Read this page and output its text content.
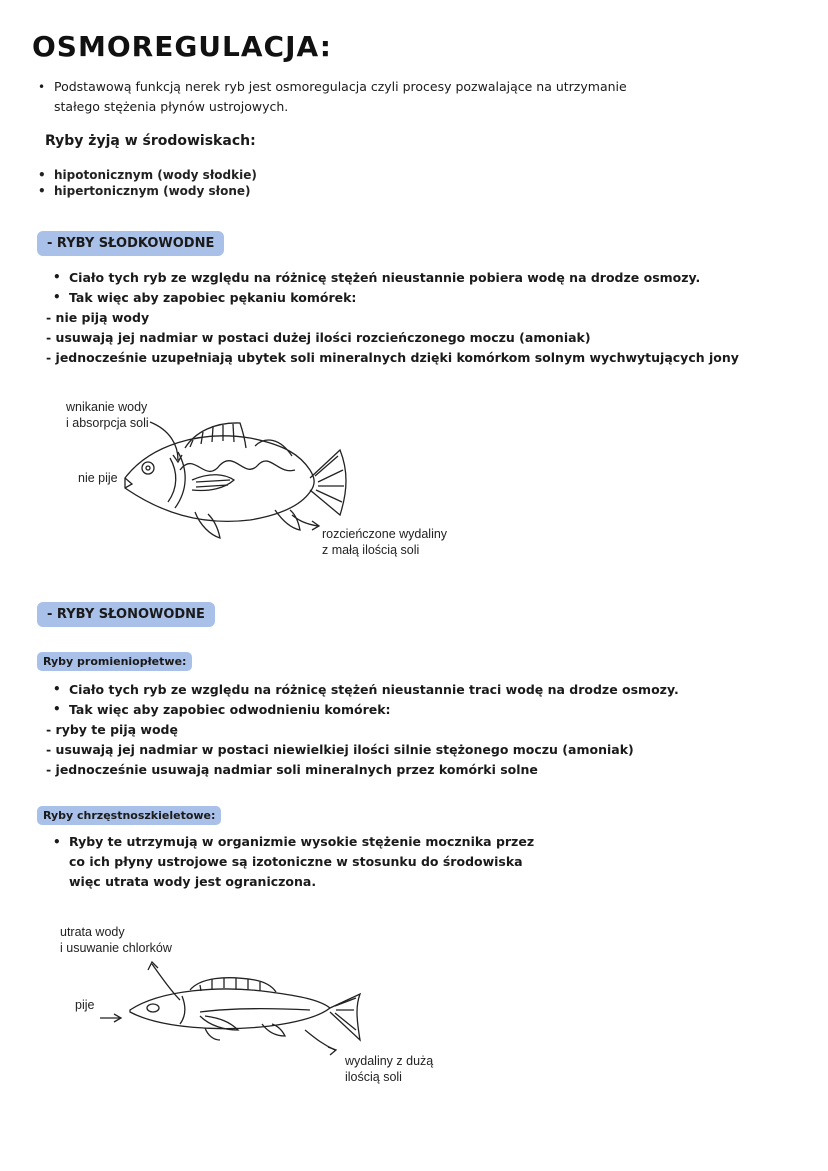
OSMOREGULACJA:
• Podstawową funkcją nerek ryb jest osmoregulacja czyli procesy pozwalające na utrzymanie
stałego stężenia płynów ustrojowych.
Ryby żyją w środowiskach:
• hipotonicznym (wody słodkie)
• hipertonicznym (wody słone)
- RYBY SŁODKOWODNE
• Ciało tych ryb ze względu na różnicę stężeń nieustannie pobiera wodę na drodze osmozy.
• Tak więc aby zapobiec pękaniu komórek:
- nie piją wody
- usuwają jej nadmiar w postaci dużej ilości rozcieńczonego moczu (amoniak)
- jednocześnie uzupełniają ubytek soli mineralnych dzięki komórkom solnym wychwytujących jony
wnikanie wody
i absorpcja soli
nie pije
rozcieńczone wydaliny
z małą ilością soli
- RYBY SŁONOWODNE
Ryby promieniopłetwe:
• Ciało tych ryb ze względu na różnicę stężeń nieustannie traci wodę na drodze osmozy.
• Tak więc aby zapobiec odwodnieniu komórek:
- ryby te piją wodę
- usuwają jej nadmiar w postaci niewielkiej ilości silnie stężonego moczu (amoniak)
- jednocześnie usuwają nadmiar soli mineralnych przez komórki solne
Ryby chrzęstnoszkieletowe:
• Ryby te utrzymują w organizmie wysokie stężenie mocznika przez
co ich płyny ustrojowe są izotoniczne w stosunku do środowiska
więc utrata wody jest ograniczona.
utrata wody
i usuwanie chlorków
pije
wydaliny z dużą
ilością soli
